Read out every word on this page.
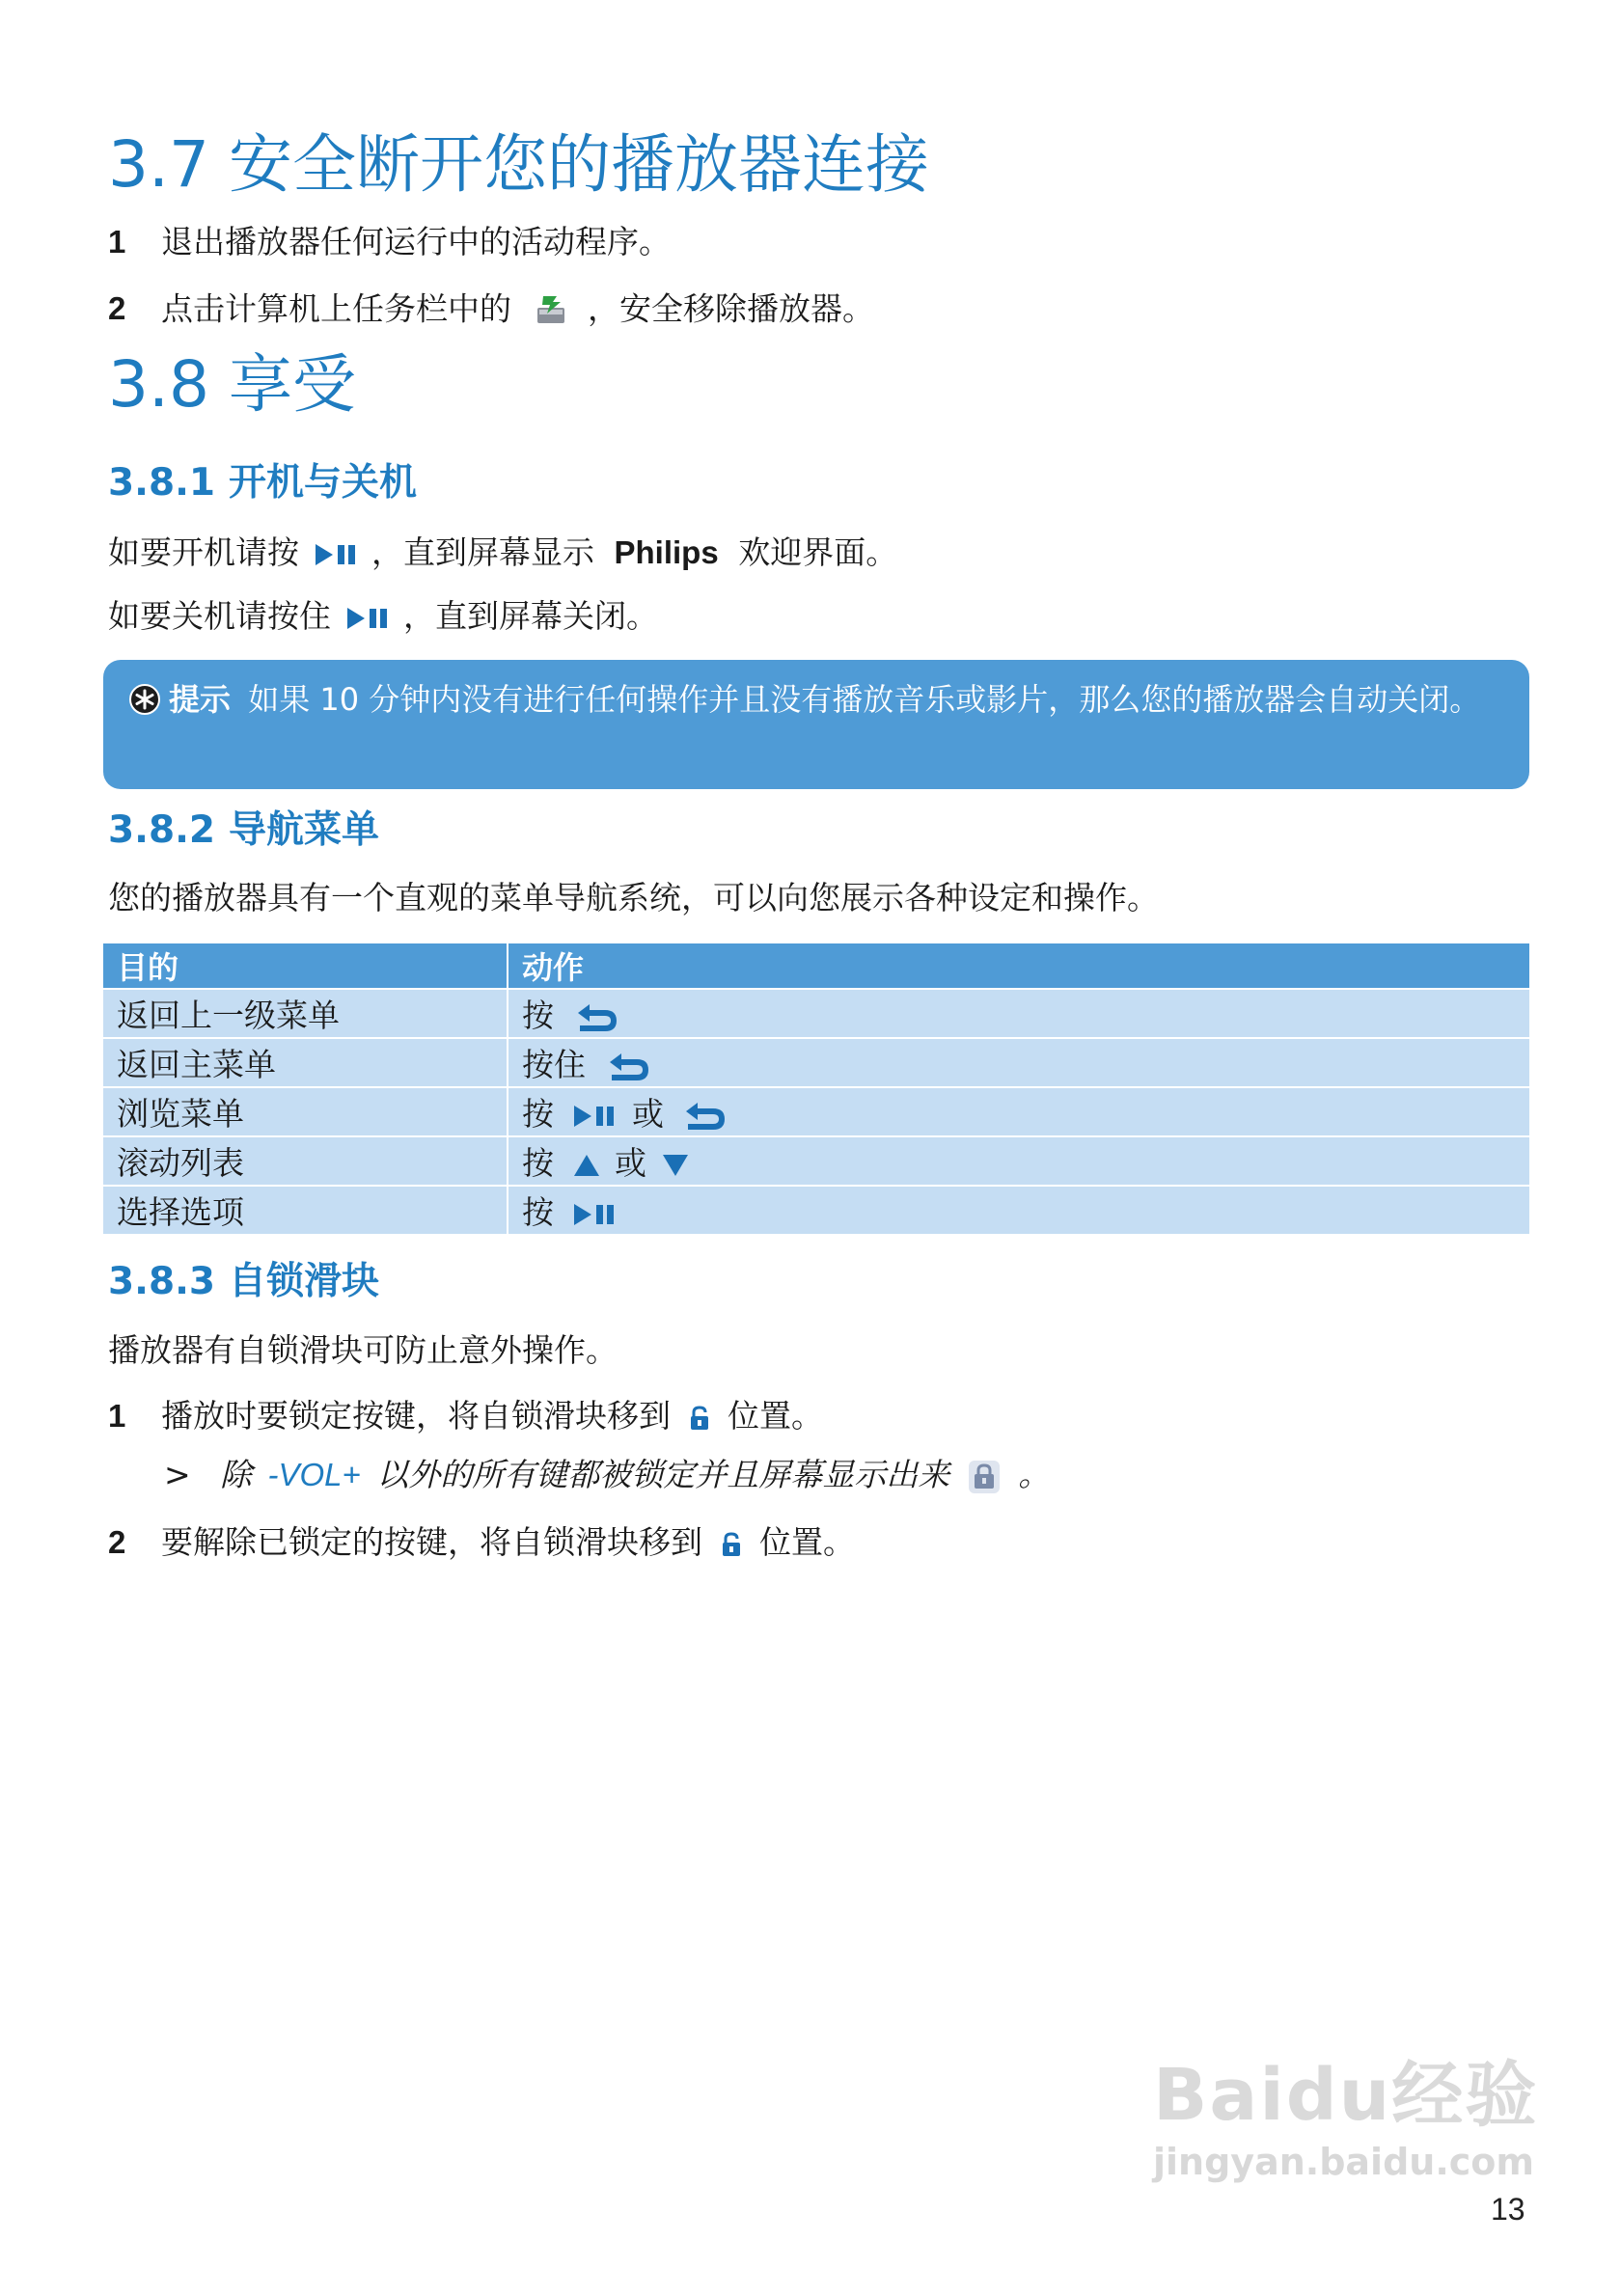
3.7 安全断开您的播放器连接
1 退出播放器任何运行中的活动程序。
2 点击计算机上任务栏中的 ，安全移除播放器。
3.8 享受
3.8.1 开机与关机
如要开机请按 ，直到屏幕显示 Philips 欢迎界面。
如要关机请按住 ，直到屏幕关闭。
提示 如果 10 分钟内没有进行任何操作并且没有播放音乐或影片，那么您的播放器会自动关闭。
3.8.2 导航菜单
您的播放器具有一个直观的菜单导航系统，可以向您展示各种设定和操作。
目的	动作
返回上一级菜单	按

返回主菜单	按住

浏览菜单	按 或

滚动列表	按 或

选择选项	按
3.8.3 自锁滑块
播放器有自锁滑块可防止意外操作。
1 播放时要锁定按键，将自锁滑块移到 位置。
> 除 -VOL+ 以外的所有键都被锁定并且屏幕显示出来 。
2 要解除已锁定的按键，将自锁滑块移到 位置。
Baidu经验
jingyan.baidu.com
13
